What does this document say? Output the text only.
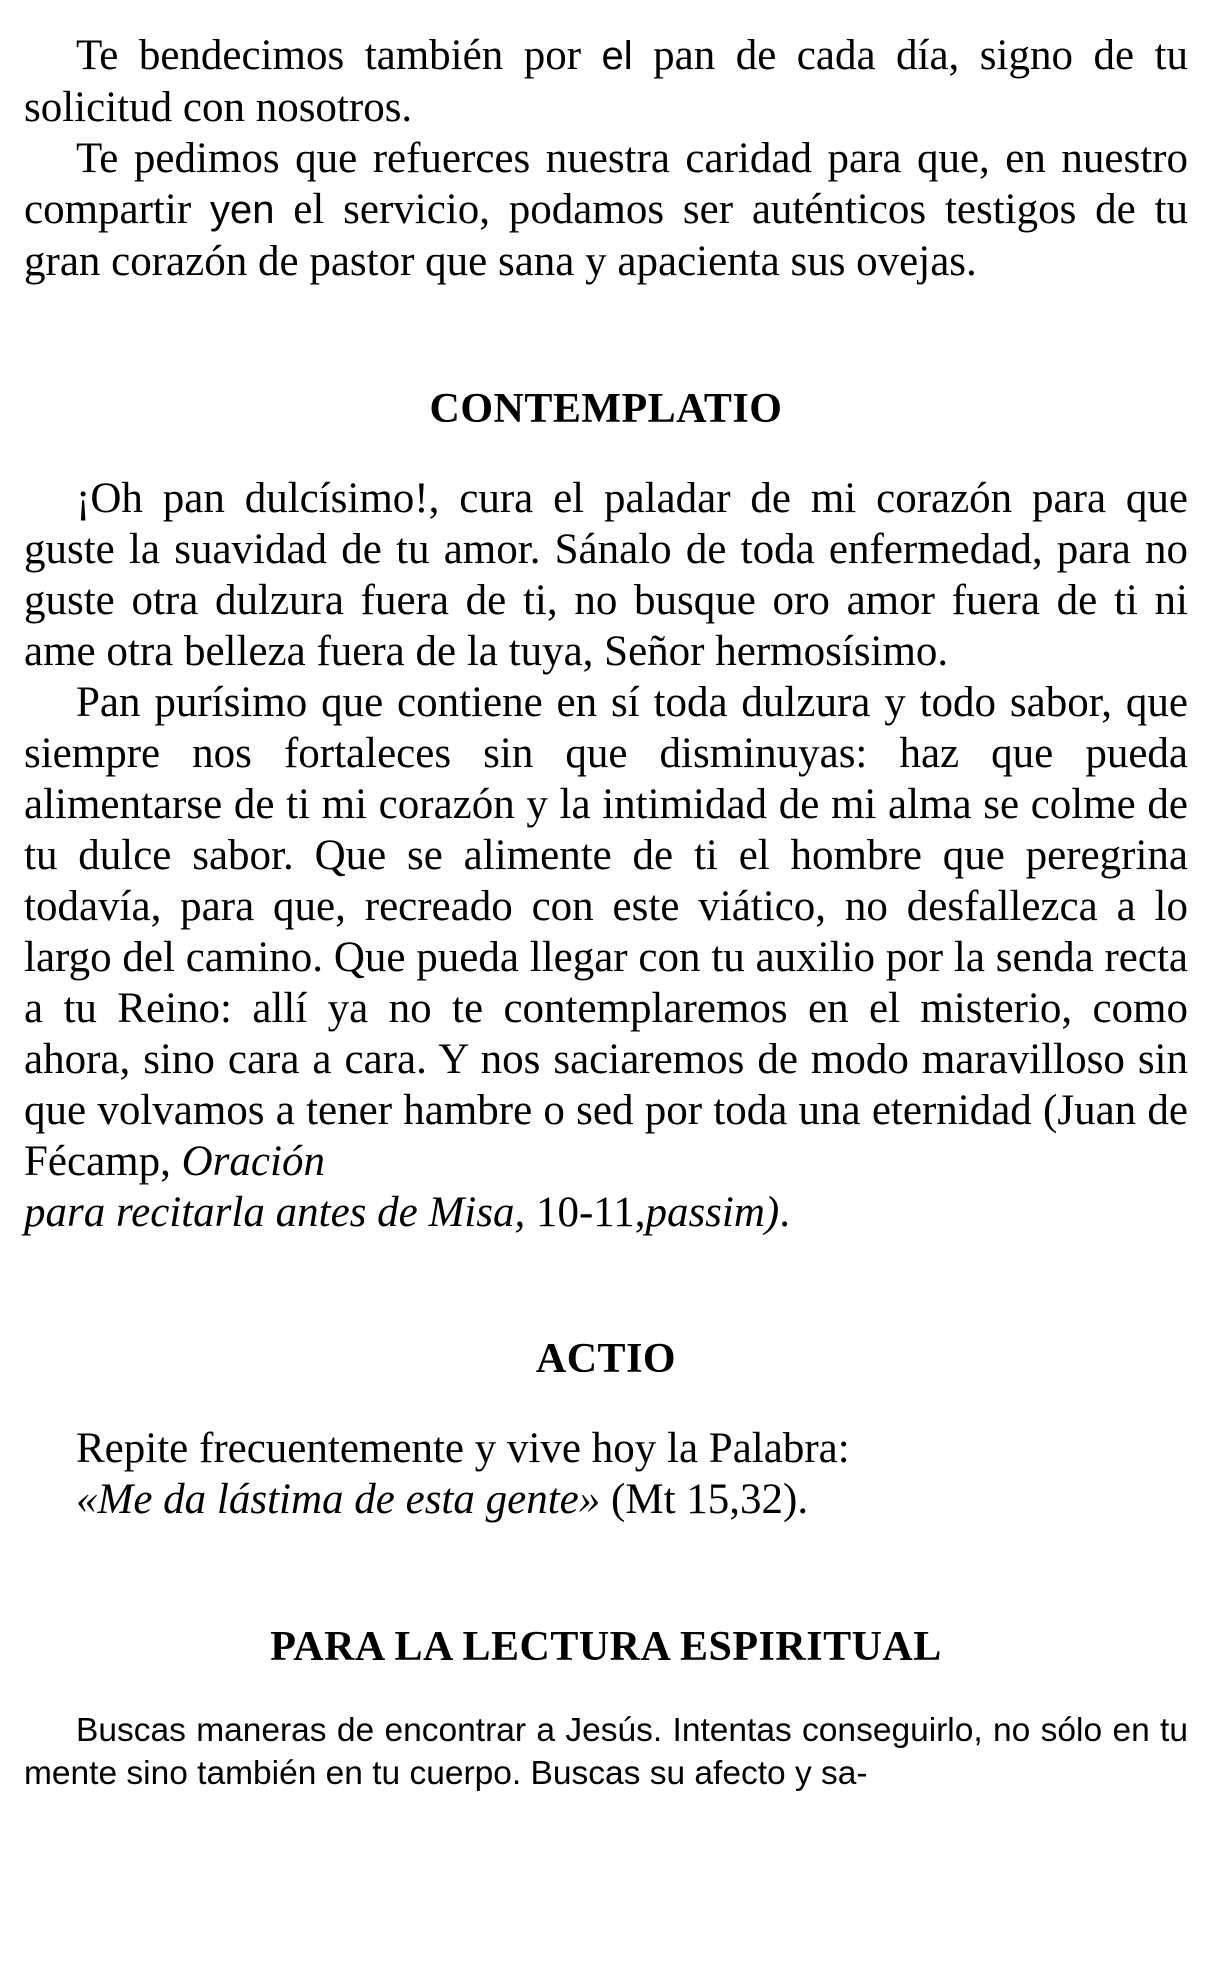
Te bendecimos también por el pan de cada día, signo de tu solicitud con nosotros.

Te pedimos que refuerces nuestra caridad para que, en nuestro compartir yen el servicio, podamos ser auténticos testigos de tu gran corazón de pastor que sana y apacienta sus ovejas.

CONTEMPLATIO

¡Oh pan dulcísimo!, cura el paladar de mi corazón para que guste la suavidad de tu amor. Sánalo de toda enfermedad, para no guste otra dulzura fuera de ti, no busque oro amor fuera de ti ni ame otra belleza fuera de la tuya, Señor hermosísimo.

Pan purísimo que contiene en sí toda dulzura y todo sabor, que siempre nos fortaleces sin que disminuyas: haz que pueda alimentarse de ti mi corazón y la intimidad de mi alma se colme de tu dulce sabor. Que se alimente de ti el hombre que peregrina todavía, para que, recreado con este viático, no desfallezca a lo largo del camino. Que pueda llegar con tu auxilio por la senda recta a tu Reino: allí ya no te contemplaremos en el misterio, como ahora, sino cara a cara. Y nos saciaremos de modo maravilloso sin que volvamos a tener hambre o sed por toda una eternidad (Juan de Fécamp, Oración

para recitarla antes de Misa, 10-11,passim).

ACTIO

Repite frecuentemente y vive hoy la Palabra:

«Me da lástima de esta gente» (Mt 15,32).

PARA LA LECTURA ESPIRITUAL

Buscas maneras de encontrar a Jesús. Intentas conseguirlo, no sólo en tu mente sino también en tu cuerpo. Buscas su afecto y sa-
